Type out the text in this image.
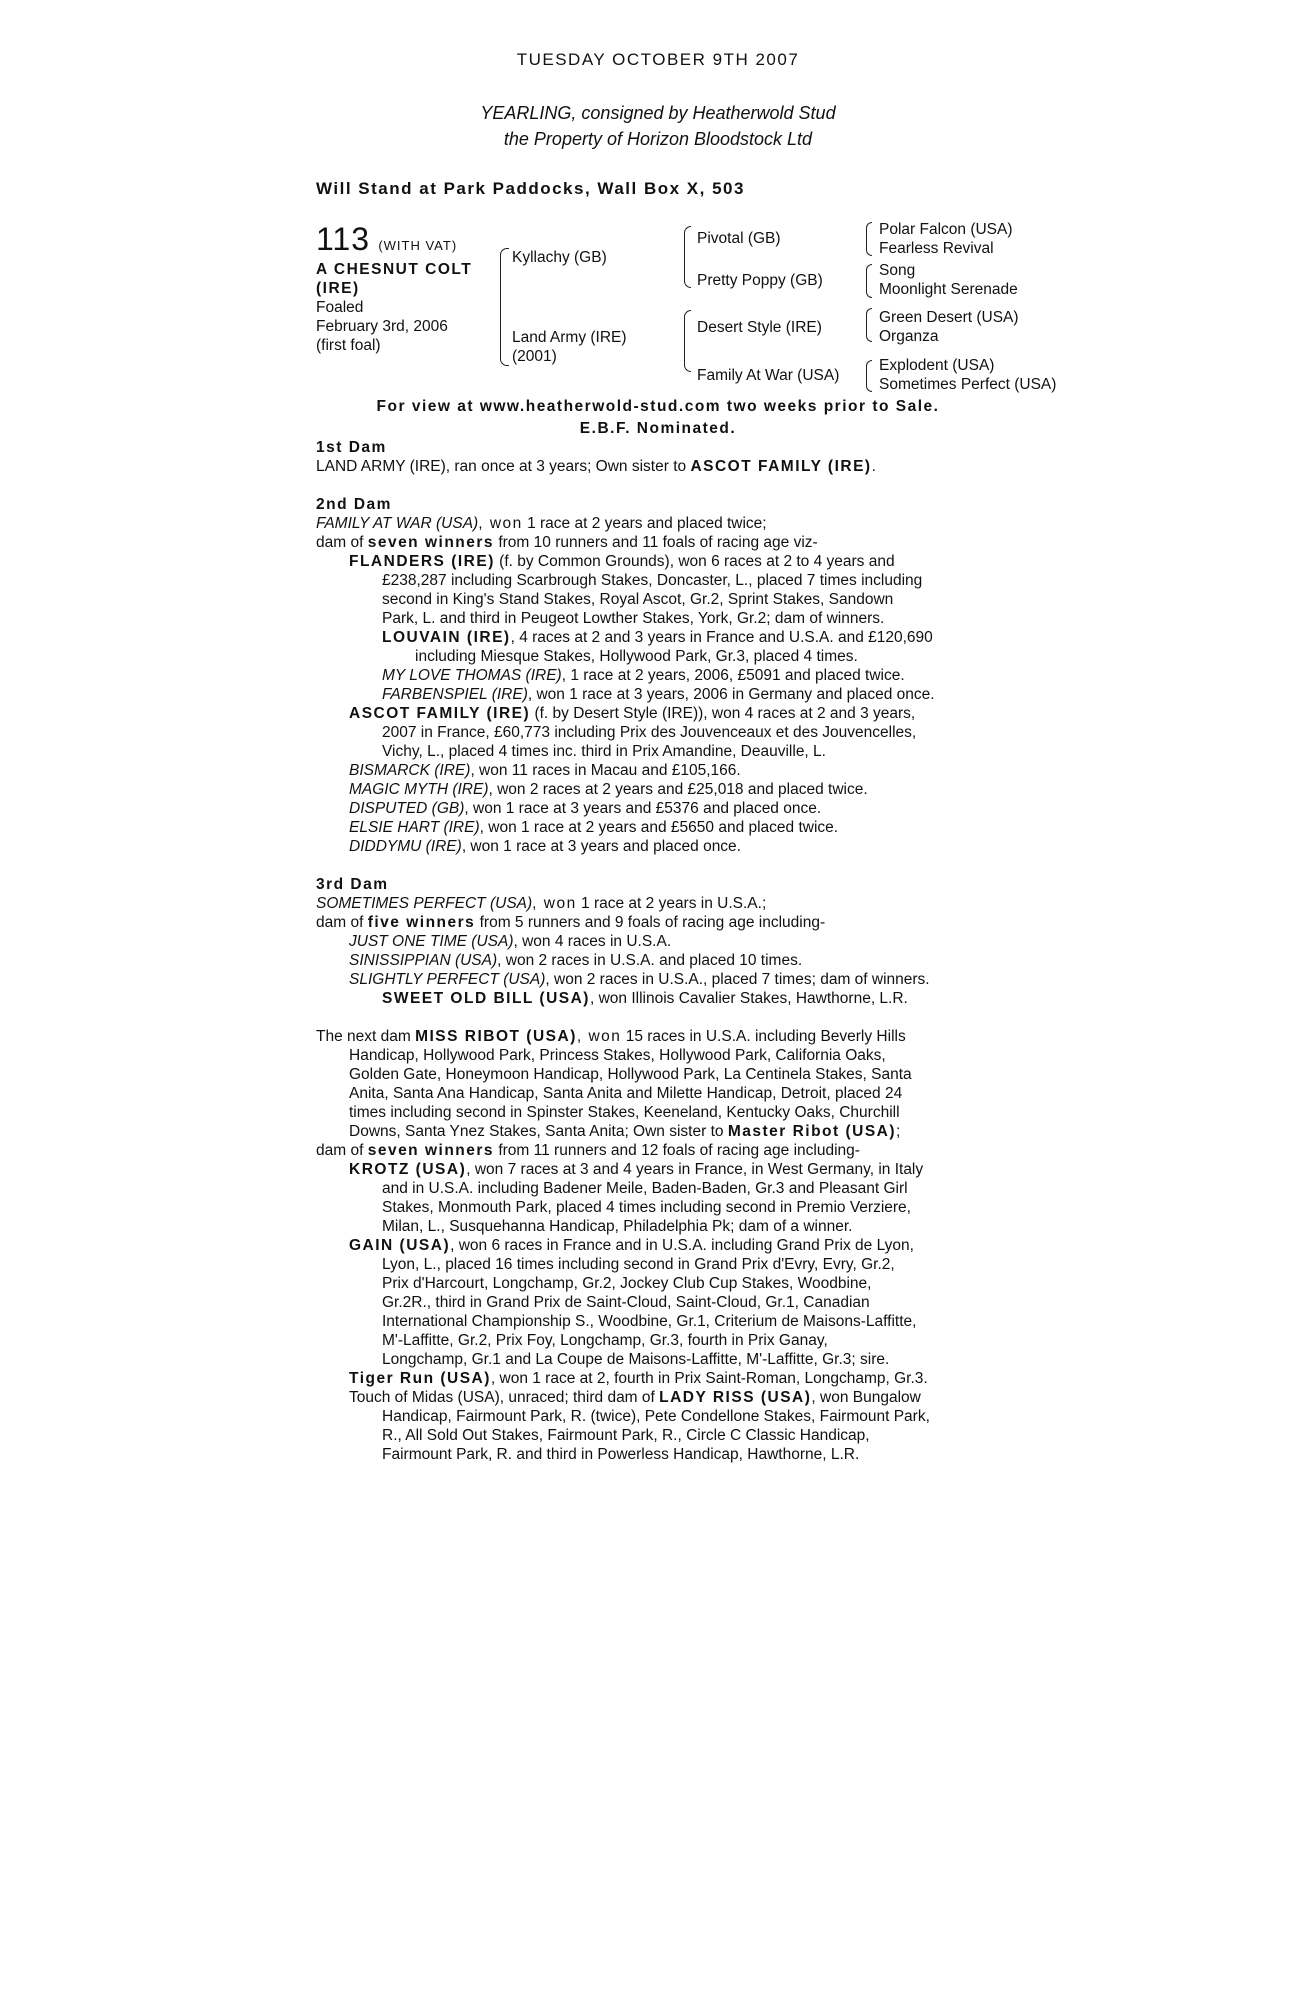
TUESDAY OCTOBER 9TH 2007
YEARLING, consigned by Heatherwold Stud
the Property of Horizon Bloodstock Ltd
Will Stand at Park Paddocks, Wall Box X, 503
113 (WITH VAT)
A CHESNUT COLT
(IRE)
Foaled
February 3rd, 2006
(first foal)
Kyllachy (GB)
Land Army (IRE)
(2001)
Pivotal (GB)
Pretty Poppy (GB)
Desert Style (IRE)
Family At War (USA)
Polar Falcon (USA)
Fearless Revival
Song
Moonlight Serenade
Green Desert (USA)
Organza
Explodent (USA)
Sometimes Perfect (USA)
For view at www.heatherwold-stud.com two weeks prior to Sale.
E.B.F. Nominated.
1st Dam
LAND ARMY (IRE), ran once at 3 years; Own sister to ASCOT FAMILY (IRE).
2nd Dam
FAMILY AT WAR (USA), won 1 race at 2 years and placed twice;
dam of seven winners from 10 runners and 11 foals of racing age viz-
FLANDERS (IRE) (f. by Common Grounds), won 6 races at 2 to 4 years and
£238,287 including Scarbrough Stakes, Doncaster, L., placed 7 times including
second in King's Stand Stakes, Royal Ascot, Gr.2, Sprint Stakes, Sandown
Park, L. and third in Peugeot Lowther Stakes, York, Gr.2; dam of winners.
LOUVAIN (IRE), 4 races at 2 and 3 years in France and U.S.A. and £120,690
including Miesque Stakes, Hollywood Park, Gr.3, placed 4 times.
MY LOVE THOMAS (IRE), 1 race at 2 years, 2006, £5091 and placed twice.
FARBENSPIEL (IRE), won 1 race at 3 years, 2006 in Germany and placed once.
ASCOT FAMILY (IRE) (f. by Desert Style (IRE)), won 4 races at 2 and 3 years,
2007 in France, £60,773 including Prix des Jouvenceaux et des Jouvencelles,
Vichy, L., placed 4 times inc. third in Prix Amandine, Deauville, L.
BISMARCK (IRE), won 11 races in Macau and £105,166.
MAGIC MYTH (IRE), won 2 races at 2 years and £25,018 and placed twice.
DISPUTED (GB), won 1 race at 3 years and £5376 and placed once.
ELSIE HART (IRE), won 1 race at 2 years and £5650 and placed twice.
DIDDYMU (IRE), won 1 race at 3 years and placed once.
3rd Dam
SOMETIMES PERFECT (USA), won 1 race at 2 years in U.S.A.;
dam of five winners from 5 runners and 9 foals of racing age including-
JUST ONE TIME (USA), won 4 races in U.S.A.
SINISSIPPIAN (USA), won 2 races in U.S.A. and placed 10 times.
SLIGHTLY PERFECT (USA), won 2 races in U.S.A., placed 7 times; dam of winners.
SWEET OLD BILL (USA), won Illinois Cavalier Stakes, Hawthorne, L.R.
The next dam MISS RIBOT (USA), won 15 races in U.S.A. including Beverly Hills
Handicap, Hollywood Park, Princess Stakes, Hollywood Park, California Oaks,
Golden Gate, Honeymoon Handicap, Hollywood Park, La Centinela Stakes, Santa
Anita, Santa Ana Handicap, Santa Anita and Milette Handicap, Detroit, placed 24
times including second in Spinster Stakes, Keeneland, Kentucky Oaks, Churchill
Downs, Santa Ynez Stakes, Santa Anita; Own sister to Master Ribot (USA);
dam of seven winners from 11 runners and 12 foals of racing age including-
KROTZ (USA), won 7 races at 3 and 4 years in France, in West Germany, in Italy
and in U.S.A. including Badener Meile, Baden-Baden, Gr.3 and Pleasant Girl
Stakes, Monmouth Park, placed 4 times including second in Premio Verziere,
Milan, L., Susquehanna Handicap, Philadelphia Pk; dam of a winner.
GAIN (USA), won 6 races in France and in U.S.A. including Grand Prix de Lyon,
Lyon, L., placed 16 times including second in Grand Prix d'Evry, Evry, Gr.2,
Prix d'Harcourt, Longchamp, Gr.2, Jockey Club Cup Stakes, Woodbine,
Gr.2R., third in Grand Prix de Saint-Cloud, Saint-Cloud, Gr.1, Canadian
International Championship S., Woodbine, Gr.1, Criterium de Maisons-Laffitte,
M'-Laffitte, Gr.2, Prix Foy, Longchamp, Gr.3, fourth in Prix Ganay,
Longchamp, Gr.1 and La Coupe de Maisons-Laffitte, M'-Laffitte, Gr.3; sire.
Tiger Run (USA), won 1 race at 2, fourth in Prix Saint-Roman, Longchamp, Gr.3.
Touch of Midas (USA), unraced; third dam of LADY RISS (USA), won Bungalow
Handicap, Fairmount Park, R. (twice), Pete Condellone Stakes, Fairmount Park,
R., All Sold Out Stakes, Fairmount Park, R., Circle C Classic Handicap,
Fairmount Park, R. and third in Powerless Handicap, Hawthorne, L.R.
